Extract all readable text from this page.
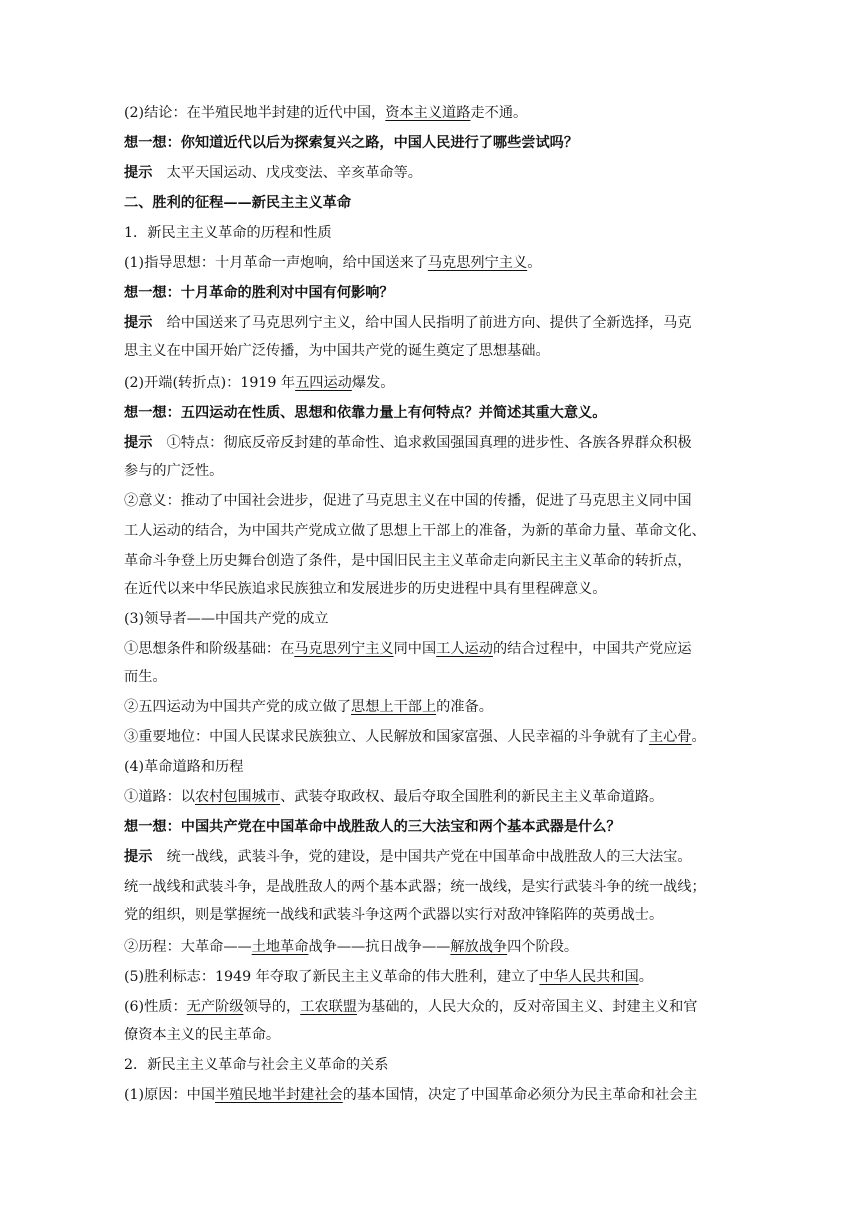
(2)结论：在半殖民地半封建的近代中国，资本主义道路走不通。
想一想：你知道近代以后为探索复兴之路，中国人民进行了哪些尝试吗？
提示　太平天国运动、戊戌变法、辛亥革命等。
二、胜利的征程——新民主主义革命
1．新民主主义革命的历程和性质
(1)指导思想：十月革命一声炮响，给中国送来了马克思列宁主义。
想一想：十月革命的胜利对中国有何影响？
提示　给中国送来了马克思列宁主义，给中国人民指明了前进方向、提供了全新选择，马克
思主义在中国开始广泛传播，为中国共产党的诞生奠定了思想基础。
(2)开端(转折点)：1919 年五四运动爆发。
想一想：五四运动在性质、思想和依靠力量上有何特点？并简述其重大意义。
提示　①特点：彻底反帝反封建的革命性、追求救国强国真理的进步性、各族各界群众积极
参与的广泛性。
②意义：推动了中国社会进步，促进了马克思主义在中国的传播，促进了马克思主义同中国
工人运动的结合，为中国共产党成立做了思想上干部上的准备，为新的革命力量、革命文化、
革命斗争登上历史舞台创造了条件，是中国旧民主主义革命走向新民主主义革命的转折点，
在近代以来中华民族追求民族独立和发展进步的历史进程中具有里程碑意义。
(3)领导者——中国共产党的成立
①思想条件和阶级基础：在马克思列宁主义同中国工人运动的结合过程中，中国共产党应运
而生。
②五四运动为中国共产党的成立做了思想上干部上的准备。
③重要地位：中国人民谋求民族独立、人民解放和国家富强、人民幸福的斗争就有了主心骨。
(4)革命道路和历程
①道路：以农村包围城市、武装夺取政权、最后夺取全国胜利的新民主主义革命道路。
想一想：中国共产党在中国革命中战胜敌人的三大法宝和两个基本武器是什么？
提示　统一战线，武装斗争，党的建设，是中国共产党在中国革命中战胜敌人的三大法宝。
统一战线和武装斗争，是战胜敌人的两个基本武器；统一战线，是实行武装斗争的统一战线；
党的组织，则是掌握统一战线和武装斗争这两个武器以实行对敌冲锋陷阵的英勇战士。
②历程：大革命——土地革命战争——抗日战争——解放战争四个阶段。
(5)胜利标志：1949 年夺取了新民主主义革命的伟大胜利，建立了中华人民共和国。
(6)性质：无产阶级领导的，工农联盟为基础的，人民大众的，反对帝国主义、封建主义和官
僚资本主义的民主革命。
2．新民主主义革命与社会主义革命的关系
(1)原因：中国半殖民地半封建社会的基本国情，决定了中国革命必须分为民主革命和社会主
